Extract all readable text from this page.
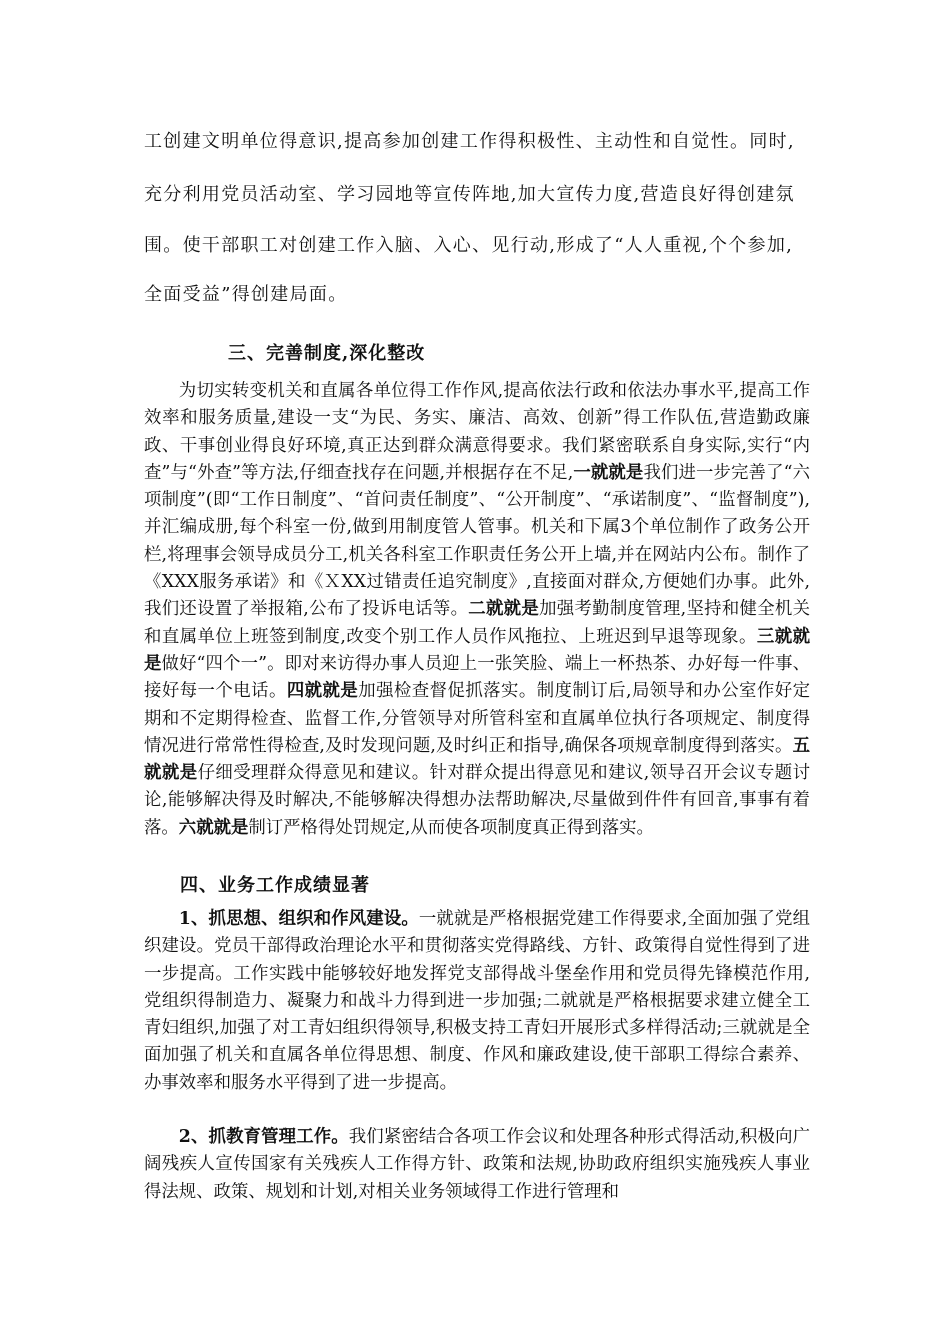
工创建文明单位得意识,提高参加创建工作得积极性、主动性和自觉性。同时,
充分利用党员活动室、学习园地等宣传阵地,加大宣传力度,营造良好得创建氛
围。使干部职工对创建工作入脑、入心、见行动,形成了“人人重视,个个参加,
全面受益”得创建局面。
三、完善制度,深化整改
为切实转变机关和直属各单位得工作作风,提高依法行政和依法办事水平,提高工作效率和服务质量,建设一支“为民、务实、廉洁、高效、创新”得工作队伍,营造勤政廉政、干事创业得良好环境,真正达到群众满意得要求。我们紧密联系自身实际,实行“内查”与“外查”等方法,仔细查找存在问题,并根据存在不足,一就就是我们进一步完善了“六项制度”(即“工作日制度”、“首问责任制度”、“公开制度”、“承诺制度”、“监督制度”),并汇编成册,每个科室一份,做到用制度管人管事。机关和下属3个单位制作了政务公开栏,将理事会领导成员分工,机关各科室工作职责任务公开上墙,并在网站内公布。制作了《XXX服务承诺》和《ＸXX过错责任追究制度》,直接面对群众,方便她们办事。此外,我们还设置了举报箱,公布了投诉电话等。二就就是加强考勤制度管理,坚持和健全机关和直属单位上班签到制度,改变个别工作人员作风拖拉、上班迟到早退等现象。三就就是做好“四个一”。即对来访得办事人员迎上一张笑脸、端上一杯热茶、办好每一件事、接好每一个电话。四就就是加强检查督促抓落实。制度制订后,局领导和办公室作好定期和不定期得检查、监督工作,分管领导对所管科室和直属单位执行各项规定、制度得情况进行常常性得检查,及时发现问题,及时纠正和指导,确保各项规章制度得到落实。五就就是仔细受理群众得意见和建议。针对群众提出得意见和建议,领导召开会议专题讨论,能够解决得及时解决,不能够解决得想办法帮助解决,尽量做到件件有回音,事事有着落。六就就是制订严格得处罚规定,从而使各项制度真正得到落实。
四、业务工作成绩显著
1、抓思想、组织和作风建设。一就就是严格根据党建工作得要求,全面加强了党组织建设。党员干部得政治理论水平和贯彻落实党得路线、方针、政策得自觉性得到了进一步提高。工作实践中能够较好地发挥党支部得战斗堡垒作用和党员得先锋模范作用,党组织得制造力、凝聚力和战斗力得到进一步加强;二就就是严格根据要求建立健全工青妇组织,加强了对工青妇组织得领导,积极支持工青妇开展形式多样得活动;三就就是全面加强了机关和直属各单位得思想、制度、作风和廉政建设,使干部职工得综合素养、办事效率和服务水平得到了进一步提高。
2、抓教育管理工作。我们紧密结合各项工作会议和处理各种形式得活动,积极向广阔残疾人宣传国家有关残疾人工作得方针、政策和法规,协助政府组织实施残疾人事业得法规、政策、规划和计划,对相关业务领域得工作进行管理和
